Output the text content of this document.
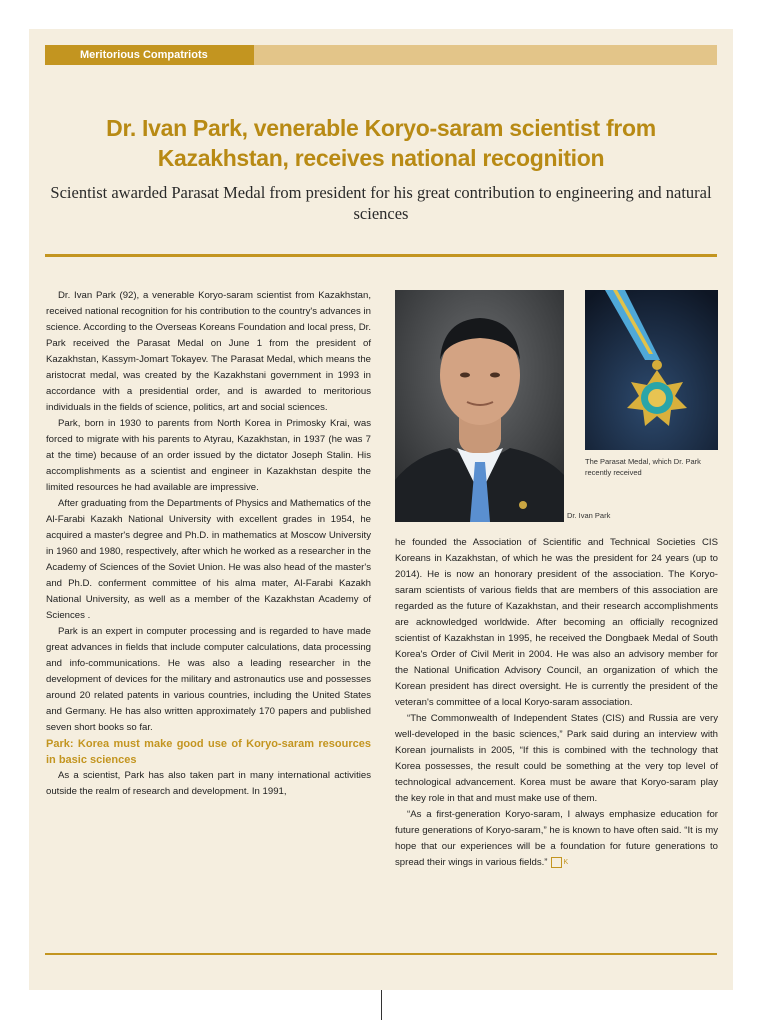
Meritorious Compatriots
Dr. Ivan Park, venerable Koryo-saram scientist from Kazakhstan, receives national recognition
Scientist awarded Parasat Medal from president for his great contribution to engineering and natural sciences

Dr. Ivan Park (92), a venerable Koryo-saram scientist from Kazakhstan, received national recognition for his contribution to the country's advances in science. According to the Overseas Koreans Foundation and local press, Dr. Park received the Parasat Medal on June 1 from the president of Kazakhstan, Kassym-Jomart Tokayev. The Parasat Medal, which means the aristocrat medal, was created by the Kazakhstani government in 1993 in accordance with a presidential order, and is awarded to meritorious individuals in the fields of science, politics, art and social sciences.

Park, born in 1930 to parents from North Korea in Primosky Krai, was forced to migrate with his parents to Atyrau, Kazakhstan, in 1937 (he was 7 at the time) because of an order issued by the dictator Joseph Stalin. His accomplishments as a scientist and engineer in Kazakhstan despite the limited resources he had available are impressive.

After graduating from the Departments of Physics and Mathematics of the Al-Farabi Kazakh National University with excellent grades in 1954, he acquired a master's degree and Ph.D. in mathematics at Moscow University in 1960 and 1980, respectively, after which he worked as a researcher in the Academy of Sciences of the Soviet Union. He was also head of the master's and Ph.D. conferment committee of his alma mater, Al-Farabi Kazakh National University, as well as a member of the Kazakhstan Academy of Sciences .

Park is an expert in computer processing and is regarded to have made great advances in fields that include computer calculations, data processing and info-communications. He was also a leading researcher in the development of devices for the military and astronautics use and possesses around 20 related patents in various countries, including the United States and Germany. He has also written approximately 170 papers and published seven short books so far.

Park: Korea must make good use of Koryo-saram resources in basic sciences

As a scientist, Park has also taken part in many international activities outside the realm of research and development. In 1991,

The Parasat Medal, which Dr. Park recently received
Dr. Ivan Park

he founded the Association of Scientific and Technical Societies CIS Koreans in Kazakhstan, of which he was the president for 24 years (up to 2014). He is now an honorary president of the association. The Koryo-saram scientists of various fields that are members of this association are regarded as the future of Kazakhstan, and their research accomplishments are acknowledged worldwide. After becoming an officially recognized scientist of Kazakhstan in 1995, he received the Dongbaek Medal of South Korea's Order of Civil Merit in 2004. He was also an advisory member for the National Unification Advisory Council, an organization of which the Korean president has direct oversight. He is currently the president of the veteran's committee of a local Koryo-saram association.

“The Commonwealth of Independent States (CIS) and Russia are very well-developed in the basic sciences,” Park said during an interview with Korean journalists in 2005, “If this is combined with the technology that Korea possesses, the result could be something at the very top level of technological advancement. Korea must be aware that Koryo-saram play the key role in that and must make use of them.

“As a first-generation Koryo-saram, I always emphasize education for future generations of Koryo-saram,” he is known to have often said. “It is my hope that our experiences will be a foundation for future generations to spread their wings in various fields.” K
